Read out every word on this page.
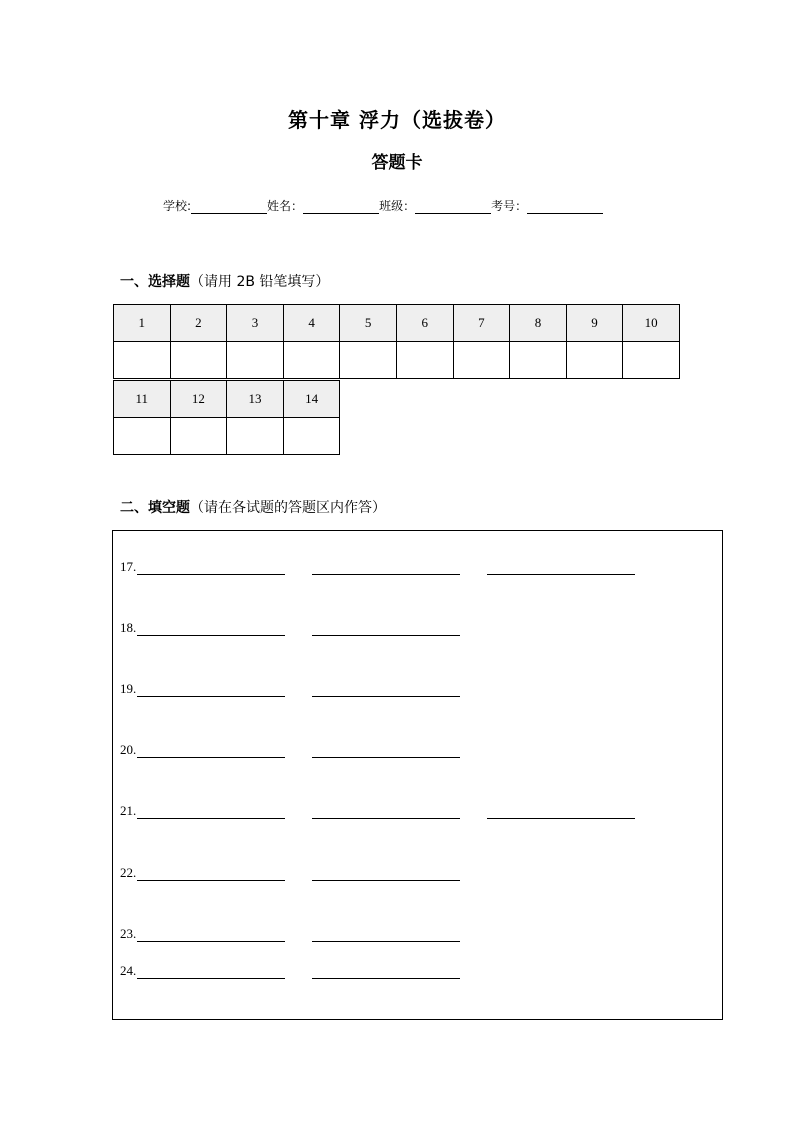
第十章 浮力（选拔卷）
答题卡
学校:	姓名：	班级：	考号：
一、选择题（请用 2B 铅笔填写）
1	2	3	4	5	6	7	8	9	10

11	12	13	14

二、填空题（请在各试题的答题区内作答）
17.
18.
19.
20.
21.
22.
23.
24.
